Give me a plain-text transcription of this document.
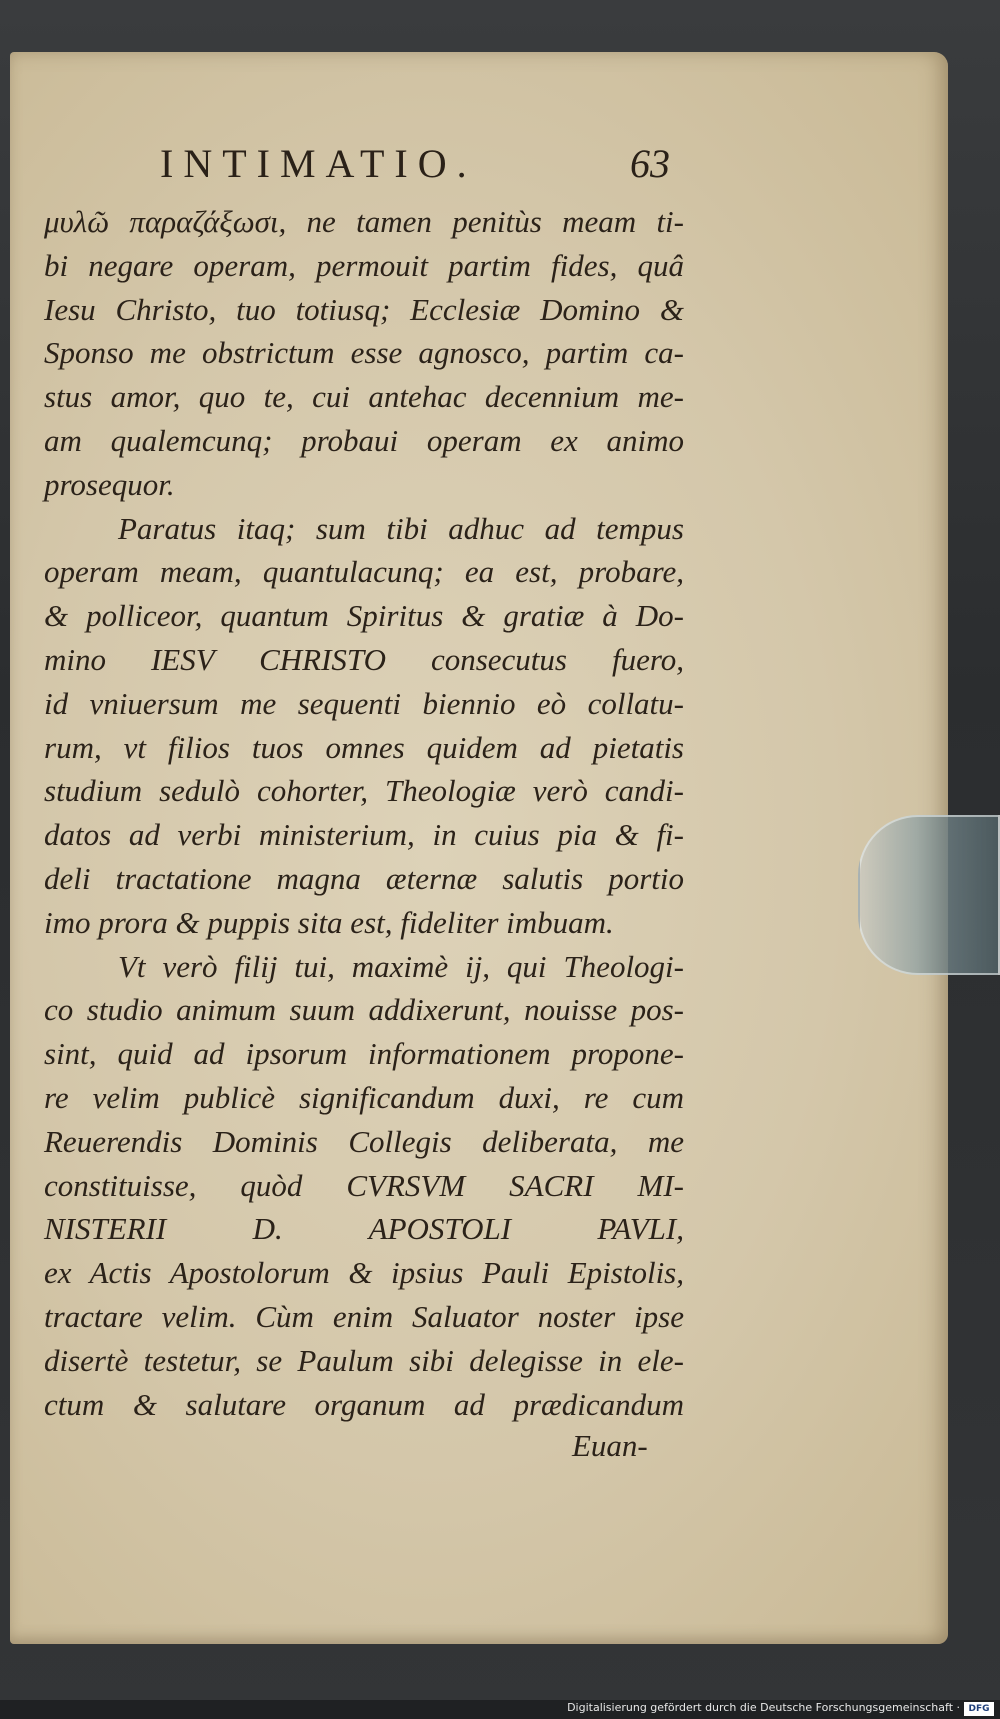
INTIMATIO.	63
μυλῶ παραζάξωσι, ne tamen penitùs meam ti-
bi negare operam, permouit partim fides, quâ
Iesu Christo, tuo totiusq; Ecclesiæ Domino &
Sponso me obstrictum esse agnosco, partim ca-
stus amor, quo te, cui antehac decennium me-
am qualemcunq; probaui operam ex animo
prosequor.
Paratus itaq; sum tibi adhuc ad tempus
operam meam, quantulacunq; ea est, probare,
& polliceor, quantum Spiritus & gratiæ à Do-
mino IESV CHRISTO consecutus fuero,
id vniuersum me sequenti biennio eò collatu-
rum, vt filios tuos omnes quidem ad pietatis
studium sedulò cohorter, Theologiæ verò candi-
datos ad verbi ministerium, in cuius pia & fi-
deli tractatione magna æternæ salutis portio
imo prora & puppis sita est, fideliter imbuam.
Vt verò filij tui, maximè ij, qui Theologi-
co studio animum suum addixerunt, nouisse pos-
sint, quid ad ipsorum informationem propone-
re velim publicè significandum duxi, re cum
Reuerendis Dominis Collegis deliberata, me
constituisse, quòd CVRSVM SACRI MI-
NISTERII D. APOSTOLI PAVLI,
ex Actis Apostolorum & ipsius Pauli Epistolis,
tractare velim. Cùm enim Saluator noster ipse
disertè testetur, se Paulum sibi delegisse in ele-
ctum & salutare organum ad prædicandum
Euan-
Digitalisierung gefördert durch die Deutsche Forschungsgemeinschaft · DFG
